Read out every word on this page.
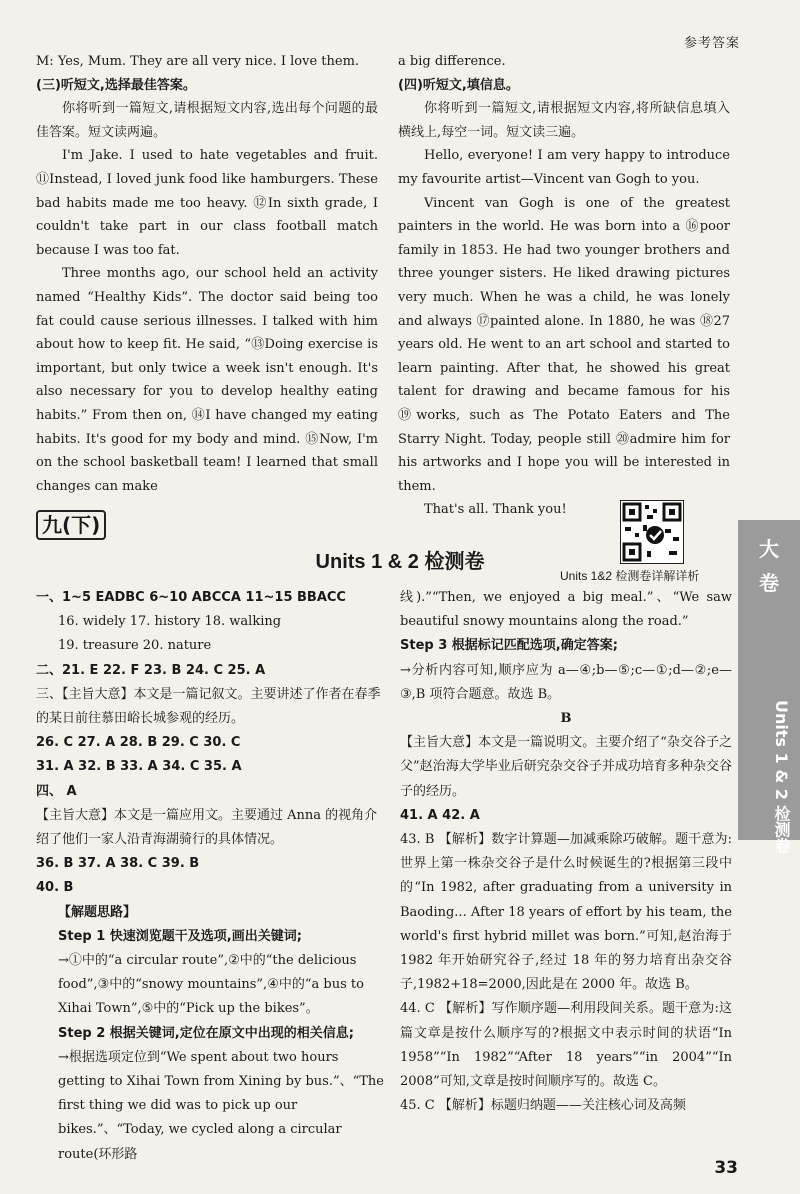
参考答案

M: Yes, Mum. They are all very nice. I love them.

(三)听短文,选择最佳答案。

你将听到一篇短文,请根据短文内容,选出每个问题的最佳答案。短文读两遍。

I'm Jake. I used to hate vegetables and fruit. ⑪Instead, I loved junk food like hamburgers. These bad habits made me too heavy. ⑫In sixth grade, I couldn't take part in our class football match because I was too fat.

Three months ago, our school held an activity named “Healthy Kids”. The doctor said being too fat could cause serious illnesses. I talked with him about how to keep fit. He said, “⑬Doing exercise is important, but only twice a week isn't enough. It's also necessary for you to develop healthy eating habits.” From then on, ⑭I have changed my eating habits. It's good for my body and mind. ⑮Now, I'm on the school basketball team! I learned that small changes can make

a big difference.

(四)听短文,填信息。

你将听到一篇短文,请根据短文内容,将所缺信息填入横线上,每空一词。短文读三遍。

Hello, everyone! I am very happy to introduce my favourite artist—Vincent van Gogh to you.

Vincent van Gogh is one of the greatest painters in the world. He was born into a ⑯poor family in 1853. He had two younger brothers and three younger sisters. He liked drawing pictures very much. When he was a child, he was lonely and always ⑰painted alone. In 1880, he was ⑱27 years old. He went to an art school and started to learn painting. After that, he showed his great talent for drawing and became famous for his ⑲works, such as The Potato Eaters and The Starry Night. Today, people still ⑳admire him for his artworks and I hope you will be interested in them.

That's all. Thank you!

九(下)
Units 1 & 2 检测卷
Units 1&2 检测卷详解详析
大
卷
Units 1 & 2 检测卷

一、1~5 EADBC 6~10 ABCCA 11~15 BBACC

16. widely 17. history 18. walking

19. treasure 20. nature

二、21. E 22. F 23. B 24. C 25. A

三、【主旨大意】本文是一篇记叙文。主要讲述了作者在春季的某日前往慕田峪长城参观的经历。

26. C 27. A 28. B 29. C 30. C

31. A 32. B 33. A 34. C 35. A

四、 A

【主旨大意】本文是一篇应用文。主要通过 Anna 的视角介绍了他们一家人沿青海湖骑行的具体情况。

36. B 37. A 38. C 39. B

40. B

【解题思路】

Step 1 快速浏览题干及选项,画出关键词;

→①中的“a circular route”,②中的“the delicious food”,③中的“snowy mountains”,④中的“a bus to Xihai Town”,⑤中的“Pick up the bikes”。

Step 2 根据关键词,定位在原文中出现的相关信息;

→根据选项定位到“We spent about two hours getting to Xihai Town from Xining by bus.”、“The first thing we did was to pick up our bikes.”、“Today, we cycled along a circular route(环形路

线).”“Then, we enjoyed a big meal.”、“We saw beautiful snowy mountains along the road.”

Step 3 根据标记匹配选项,确定答案;

→分析内容可知,顺序应为 a—④;b—⑤;c—①;d—②;e—③,B 项符合题意。故选 B。

B

【主旨大意】本文是一篇说明文。主要介绍了“杂交谷子之父”赵治海大学毕业后研究杂交谷子并成功培育多种杂交谷子的经历。

41. A 42. A

43. B 【解析】数字计算题—加减乘除巧破解。题干意为:世界上第一株杂交谷子是什么时候诞生的?根据第三段中的“In 1982, after graduating from a university in Baoding... After 18 years of effort by his team, the world's first hybrid millet was born.”可知,赵治海于 1982 年开始研究谷子,经过 18 年的努力培育出杂交谷子,1982+18=2000,因此是在 2000 年。故选 B。

44. C 【解析】写作顺序题—利用段间关系。题干意为:这篇文章是按什么顺序写的?根据文中表示时间的状语“In 1958”“In 1982”“After 18 years”“in 2004”“In 2008”可知,文章是按时间顺序写的。故选 C。

45. C 【解析】标题归纳题——关注核心词及高频

33
